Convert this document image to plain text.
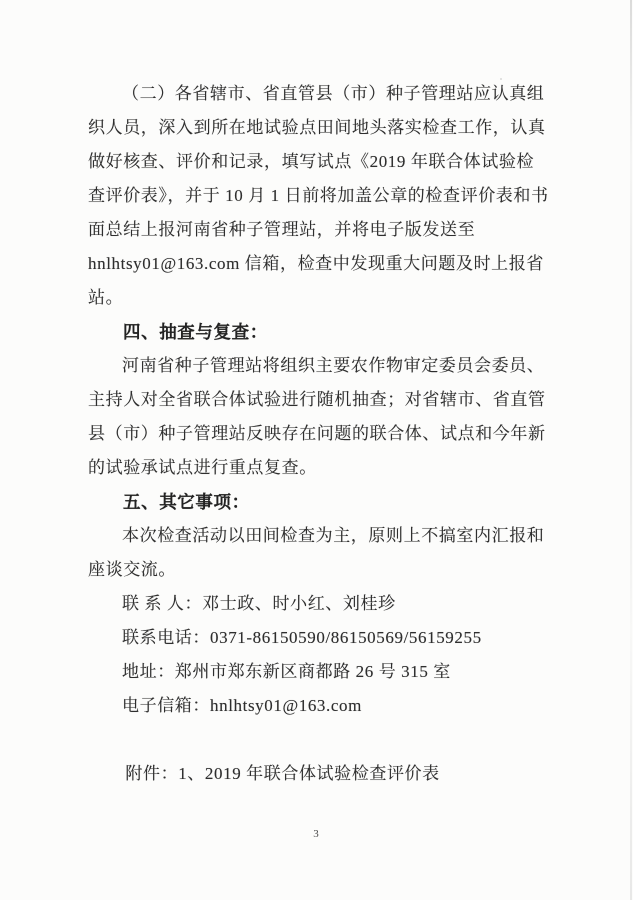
（二）各省辖市、省直管县（市）种子管理站应认真组

织人员，深入到所在地试验点田间地头落实检查工作，认真

做好核查、评价和记录，填写试点《2019 年联合体试验检

查评价表》，并于 10 月 1 日前将加盖公章的检查评价表和书

面总结上报河南省种子管理站，并将电子版发送至

hnlhtsy01@163.com 信箱，检查中发现重大问题及时上报省

站。

四、抽查与复查：

河南省种子管理站将组织主要农作物审定委员会委员、

主持人对全省联合体试验进行随机抽查；对省辖市、省直管

县（市）种子管理站反映存在问题的联合体、试点和今年新

的试验承试点进行重点复查。

五、其它事项：

本次检查活动以田间检查为主，原则上不搞室内汇报和

座谈交流。

联 系 人：邓士政、时小红、刘桂珍

联系电话：0371-86150590/86150569/56159255

地址：郑州市郑东新区商都路 26 号 315 室

电子信箱：hnlhtsy01@163.com

附件：1、2019 年联合体试验检查评价表

3
